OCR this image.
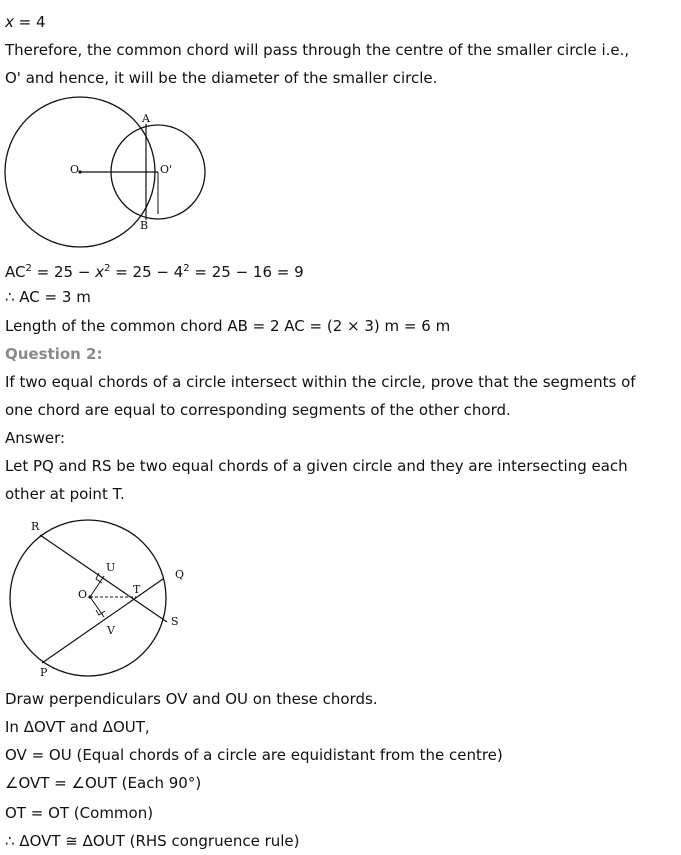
x = 4
Therefore, the common chord will pass through the centre of the smaller circle i.e.,
O' and hence, it will be the diameter of the smaller circle.
A
B
O	O'
$AC^2 = 25 - x^2 = 25 - 4^2 = 25 - 16 = 9$
∴ AC = 3 m
Length of the common chord AB = 2 AC = (2 × 3) m = 6 m
Question 2:
If two equal chords of a circle intersect within the circle, prove that the segments of
one chord are equal to corresponding segments of the other chord.
Answer:
Let PQ and RS be two equal chords of a given circle and they are intersecting each
other at point T.
R
Q
U
O	T
S
V
P
Draw perpendiculars OV and OU on these chords.
In ΔOVT and ΔOUT,
OV = OU (Equal chords of a circle are equidistant from the centre)
∠OVT = ∠OUT (Each 90°)
OT = OT (Common)
∴ ΔOVT ≅ ΔOUT (RHS congruence rule)
